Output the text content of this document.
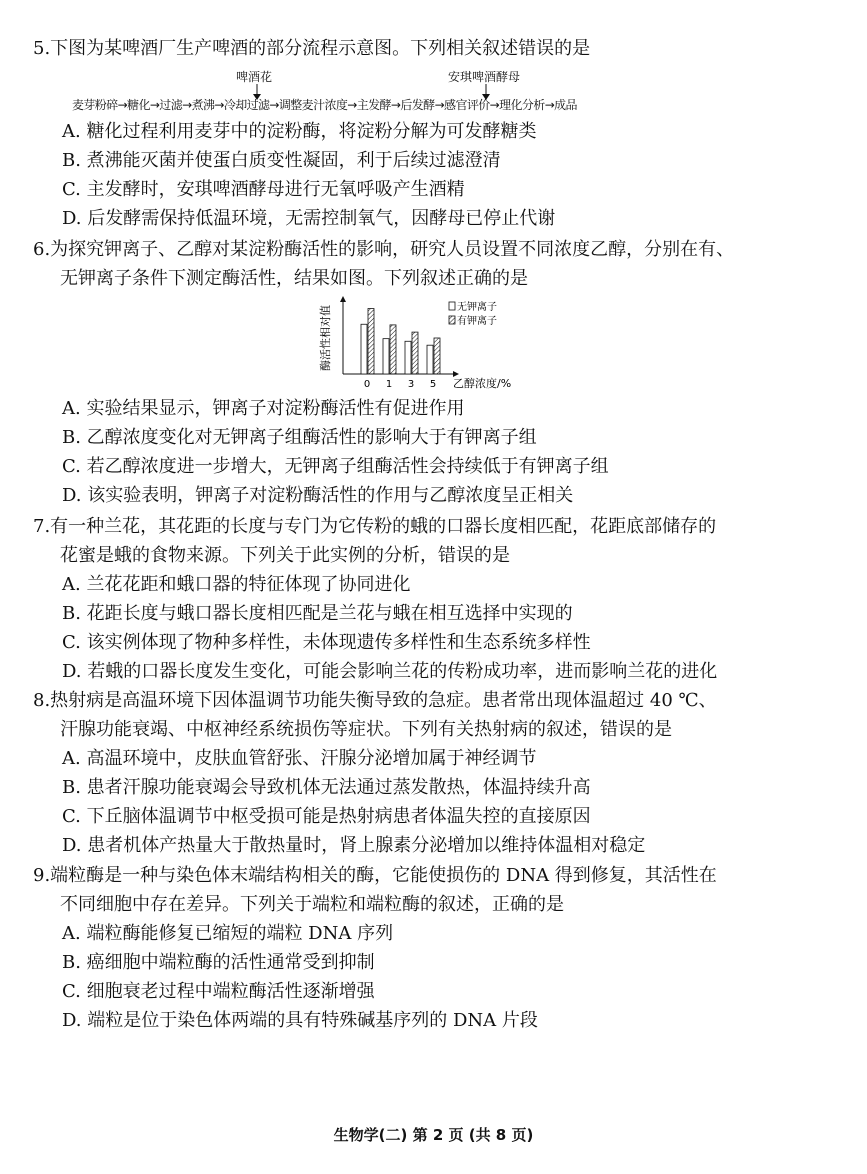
5.下图为某啤酒厂生产啤酒的部分流程示意图。下列相关叙述错误的是
啤酒花	安琪啤酒酵母
麦芽粉碎→糖化→过滤→煮沸→冷却过滤→调整麦汁浓度→主发酵→后发酵→感官评价→理化分析→成品
A. 糖化过程利用麦芽中的淀粉酶，将淀粉分解为可发酵糖类
B. 煮沸能灭菌并使蛋白质变性凝固，利于后续过滤澄清
C. 主发酵时，安琪啤酒酵母进行无氧呼吸产生酒精
D. 后发酵需保持低温环境，无需控制氧气，因酵母已停止代谢
6.为探究钾离子、乙醇对某淀粉酶活性的影响，研究人员设置不同浓度乙醇，分别在有、
无钾离子条件下测定酶活性，结果如图。下列叙述正确的是
酶活性相对值
0 1 3 5 乙醇浓度/%
无钾离子
有钾离子
A. 实验结果显示，钾离子对淀粉酶活性有促进作用
B. 乙醇浓度变化对无钾离子组酶活性的影响大于有钾离子组
C. 若乙醇浓度进一步增大，无钾离子组酶活性会持续低于有钾离子组
D. 该实验表明，钾离子对淀粉酶活性的作用与乙醇浓度呈正相关
7.有一种兰花，其花距的长度与专门为它传粉的蛾的口器长度相匹配，花距底部储存的
花蜜是蛾的食物来源。下列关于此实例的分析，错误的是
A. 兰花花距和蛾口器的特征体现了协同进化
B. 花距长度与蛾口器长度相匹配是兰花与蛾在相互选择中实现的
C. 该实例体现了物种多样性，未体现遗传多样性和生态系统多样性
D. 若蛾的口器长度发生变化，可能会影响兰花的传粉成功率，进而影响兰花的进化
8.热射病是高温环境下因体温调节功能失衡导致的急症。患者常出现体温超过 40 ℃、
汗腺功能衰竭、中枢神经系统损伤等症状。下列有关热射病的叙述，错误的是
A. 高温环境中，皮肤血管舒张、汗腺分泌增加属于神经调节
B. 患者汗腺功能衰竭会导致机体无法通过蒸发散热，体温持续升高
C. 下丘脑体温调节中枢受损可能是热射病患者体温失控的直接原因
D. 患者机体产热量大于散热量时，肾上腺素分泌增加以维持体温相对稳定
9.端粒酶是一种与染色体末端结构相关的酶，它能使损伤的 DNA 得到修复，其活性在
不同细胞中存在差异。下列关于端粒和端粒酶的叙述，正确的是
A. 端粒酶能修复已缩短的端粒 DNA 序列
B. 癌细胞中端粒酶的活性通常受到抑制
C. 细胞衰老过程中端粒酶活性逐渐增强
D. 端粒是位于染色体两端的具有特殊碱基序列的 DNA 片段
生物学(二) 第 2 页 (共 8 页)
